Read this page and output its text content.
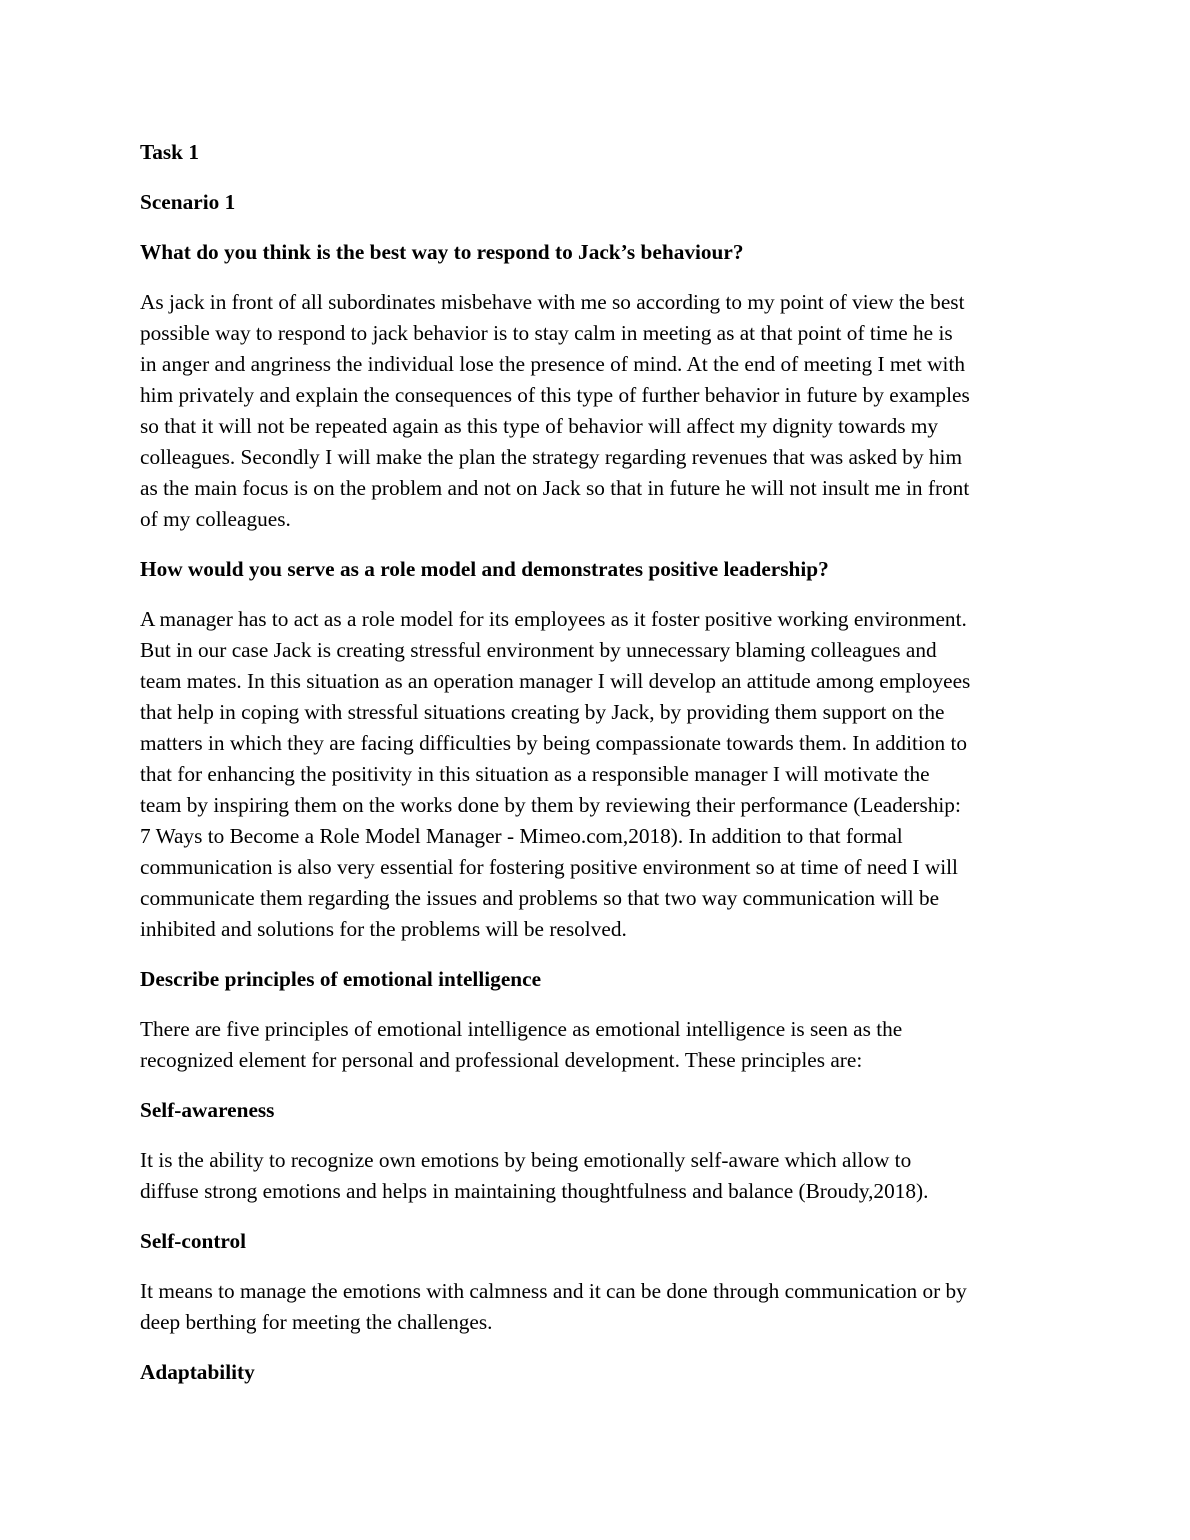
Task 1

Scenario 1

What do you think is the best way to respond to Jack’s behaviour?

As jack in front of all subordinates misbehave with me so according to my point of view the best
possible way to respond to jack behavior is to stay calm in meeting as at that point of time he is
in anger and angriness the individual lose the presence of mind. At the end of meeting I met with
him privately and explain the consequences of this type of further behavior in future by examples
so that it will not be repeated again as this type of behavior will affect my dignity towards my
colleagues. Secondly I will make the plan the strategy regarding revenues that was asked by him
as the main focus is on the problem and not on Jack so that in future he will not insult me in front
of my colleagues.

How would you serve as a role model and demonstrates positive leadership?

A manager has to act as a role model for its employees as it foster positive working environment.
But in our case Jack is creating stressful environment by unnecessary blaming colleagues and
team mates. In this situation as an operation manager I will develop an attitude among employees
that help in coping with stressful situations creating by Jack, by providing them support on the
matters in which they are facing difficulties by being compassionate towards them. In addition to
that for enhancing the positivity in this situation as a responsible manager I will motivate the
team by inspiring them on the works done by them by reviewing their performance (Leadership:
7 Ways to Become a Role Model Manager - Mimeo.com,2018). In addition to that formal
communication is also very essential for fostering positive environment so at time of need I will
communicate them regarding the issues and problems so that two way communication will be
inhibited and solutions for the problems will be resolved.

Describe principles of emotional intelligence

There are five principles of emotional intelligence as emotional intelligence is seen as the
recognized element for personal and professional development. These principles are:

Self-awareness

It is the ability to recognize own emotions by being emotionally self-aware which allow to
diffuse strong emotions and helps in maintaining thoughtfulness and balance (Broudy,2018).

Self-control

It means to manage the emotions with calmness and it can be done through communication or by
deep berthing for meeting the challenges.

Adaptability
